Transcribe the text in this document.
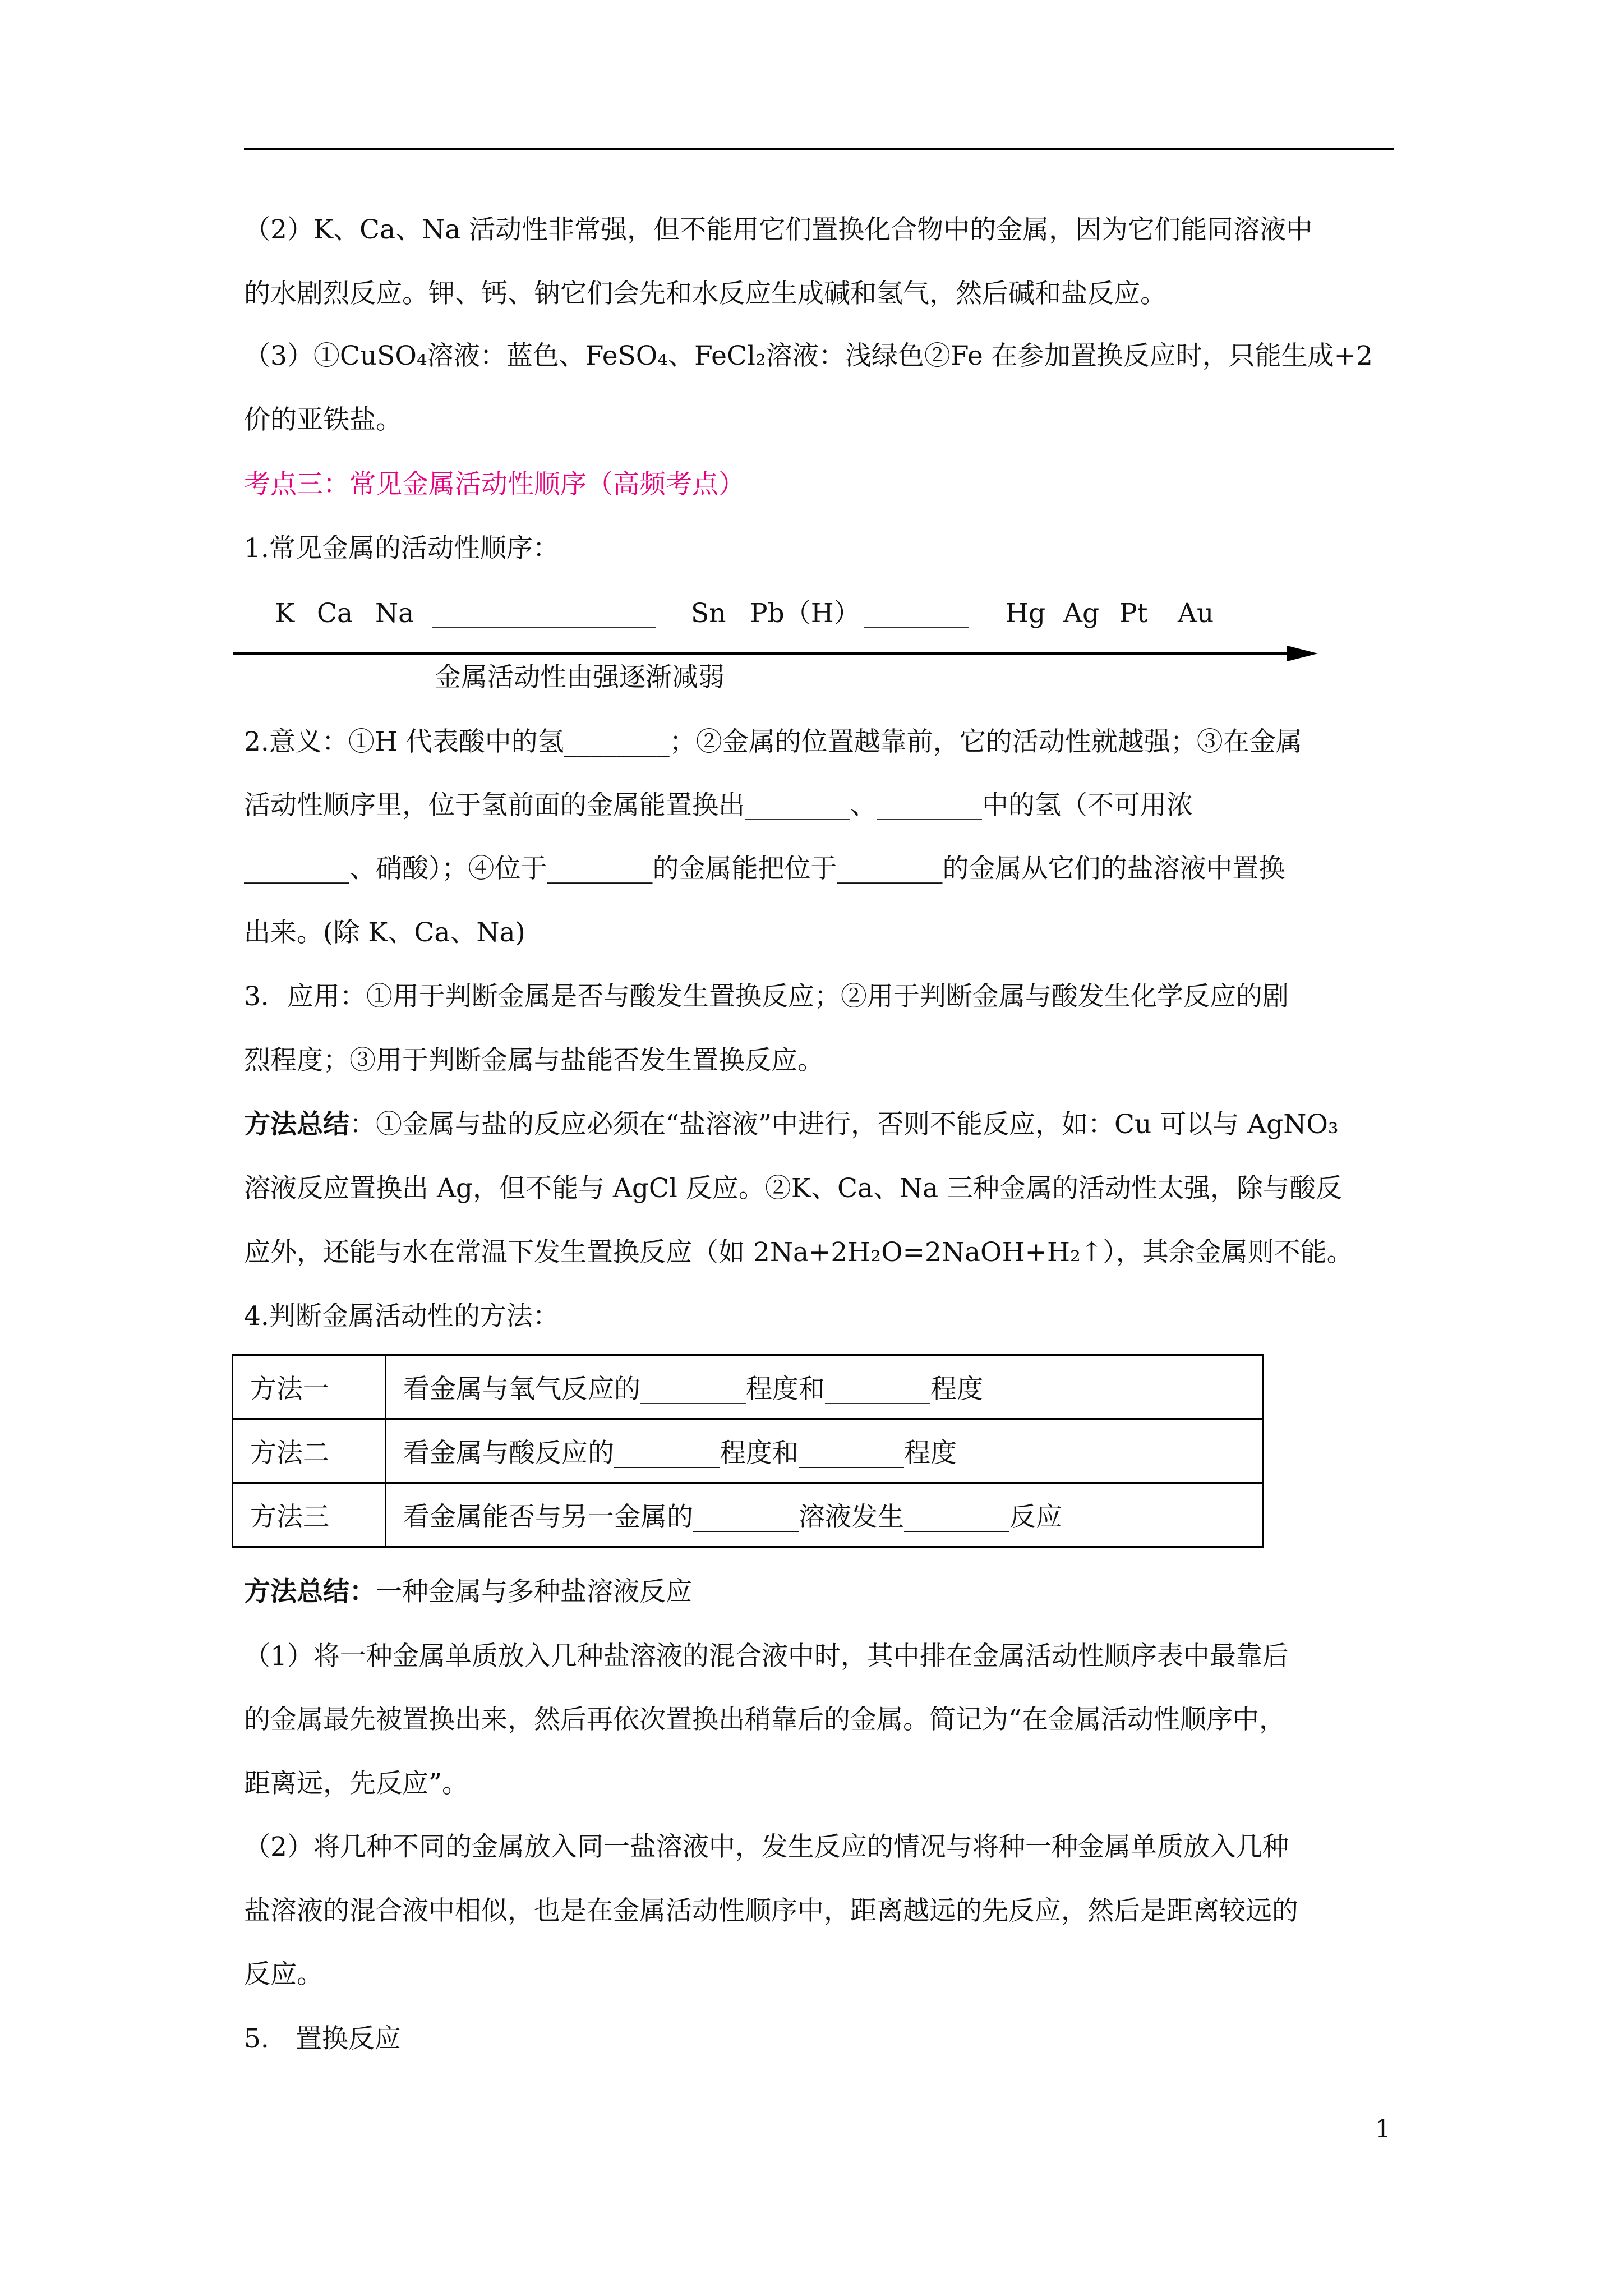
（2）K、Ca、Na 活动性非常强，但不能用它们置换化合物中的金属，因为它们能同溶液中
的水剧烈反应。钾、钙、钠它们会先和水反应生成碱和氢气，然后碱和盐反应。
（3）①CuSO₄溶液：蓝色、FeSO₄、FeCl₂溶液：浅绿色②Fe 在参加置换反应时，只能生成+2
价的亚铁盐。
考点三：常见金属活动性顺序（高频考点）
1.常见金属的活动性顺序：
K Ca Na _________________ Sn Pb（H） ________ Hg Ag Pt Au
金属活动性由强逐渐减弱
2.意义：①H 代表酸中的氢________；②金属的位置越靠前，它的活动性就越强；③在金属
活动性顺序里，位于氢前面的金属能置换出________、________中的氢（不可用浓
________、硝酸）；④位于________的金属能把位于________的金属从它们的盐溶液中置换
出来。(除 K、Ca、Na)
3．应用：①用于判断金属是否与酸发生置换反应；②用于判断金属与酸发生化学反应的剧
烈程度；③用于判断金属与盐能否发生置换反应。
方法总结：①金属与盐的反应必须在“盐溶液”中进行，否则不能反应，如：Cu 可以与 AgNO₃
溶液反应置换出 Ag，但不能与 AgCl 反应。②K、Ca、Na 三种金属的活动性太强，除与酸反
应外，还能与水在常温下发生置换反应（如 2Na+2H₂O=2NaOH+H₂↑），其余金属则不能。
4.判断金属活动性的方法：
方法一	看金属与氧气反应的________程度和________程度
方法二	看金属与酸反应的________程度和________程度
方法三	看金属能否与另一金属的________溶液发生________反应
方法总结：一种金属与多种盐溶液反应
（1）将一种金属单质放入几种盐溶液的混合液中时，其中排在金属活动性顺序表中最靠后
的金属最先被置换出来，然后再依次置换出稍靠后的金属。简记为“在金属活动性顺序中，
距离远，先反应”。
（2）将几种不同的金属放入同一盐溶液中，发生反应的情况与将种一种金属单质放入几种
盐溶液的混合液中相似，也是在金属活动性顺序中，距离越远的先反应，然后是距离较远的
反应。
5.　置换反应
1
